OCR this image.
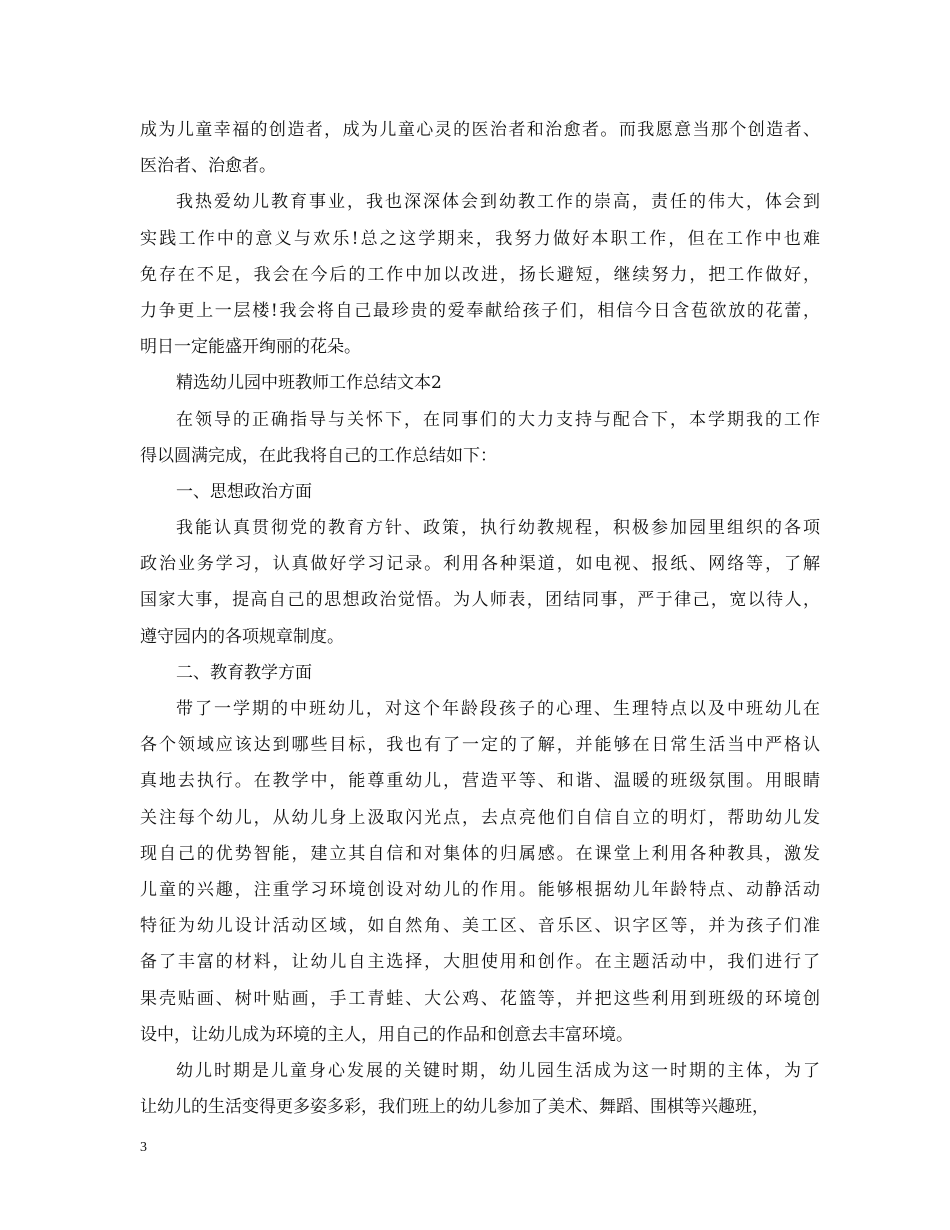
成为儿童幸福的创造者，成为儿童心灵的医治者和治愈者。而我愿意当那个创造者、
医治者、治愈者。
我热爱幼儿教育事业，我也深深体会到幼教工作的崇高，责任的伟大，体会到
实践工作中的意义与欢乐!总之这学期来，我努力做好本职工作，但在工作中也难
免存在不足，我会在今后的工作中加以改进，扬长避短，继续努力，把工作做好，
力争更上一层楼!我会将自己最珍贵的爱奉献给孩子们，相信今日含苞欲放的花蕾，
明日一定能盛开绚丽的花朵。
精选幼儿园中班教师工作总结文本2
在领导的正确指导与关怀下，在同事们的大力支持与配合下，本学期我的工作
得以圆满完成，在此我将自己的工作总结如下：
一、思想政治方面
我能认真贯彻党的教育方针、政策，执行幼教规程，积极参加园里组织的各项
政治业务学习，认真做好学习记录。利用各种渠道，如电视、报纸、网络等，了解
国家大事，提高自己的思想政治觉悟。为人师表，团结同事，严于律己，宽以待人，
遵守园内的各项规章制度。
二、教育教学方面
带了一学期的中班幼儿，对这个年龄段孩子的心理、生理特点以及中班幼儿在
各个领域应该达到哪些目标，我也有了一定的了解，并能够在日常生活当中严格认
真地去执行。在教学中，能尊重幼儿，营造平等、和谐、温暖的班级氛围。用眼睛
关注每个幼儿，从幼儿身上汲取闪光点，去点亮他们自信自立的明灯，帮助幼儿发
现自己的优势智能，建立其自信和对集体的归属感。在课堂上利用各种教具，激发
儿童的兴趣，注重学习环境创设对幼儿的作用。能够根据幼儿年龄特点、动静活动
特征为幼儿设计活动区域，如自然角、美工区、音乐区、识字区等，并为孩子们准
备了丰富的材料，让幼儿自主选择，大胆使用和创作。在主题活动中，我们进行了
果壳贴画、树叶贴画，手工青蛙、大公鸡、花篮等，并把这些利用到班级的环境创
设中，让幼儿成为环境的主人，用自己的作品和创意去丰富环境。
幼儿时期是儿童身心发展的关键时期，幼儿园生活成为这一时期的主体，为了
让幼儿的生活变得更多姿多彩，我们班上的幼儿参加了美术、舞蹈、围棋等兴趣班，
3
